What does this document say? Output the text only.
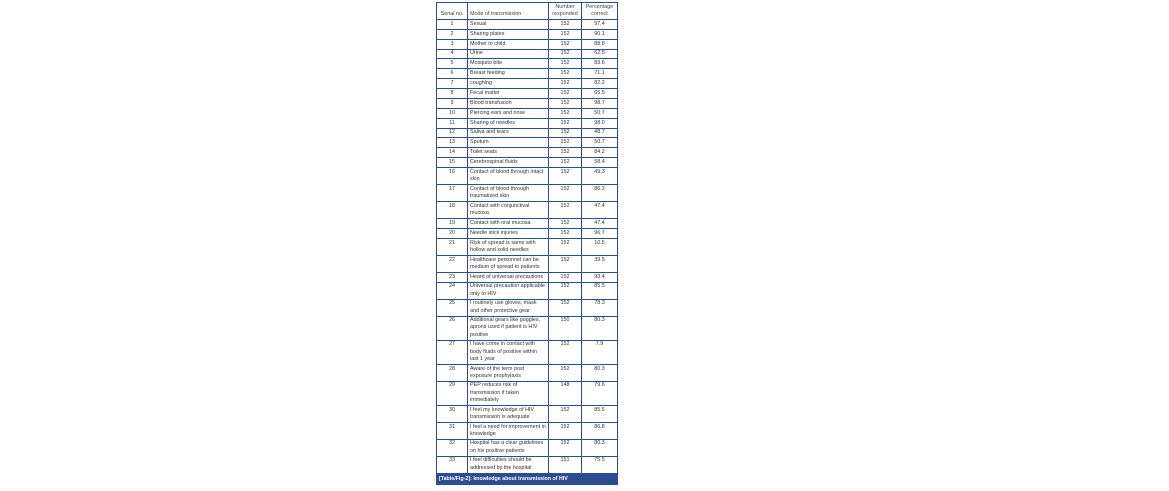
Serial no.	Mode of transmission	Number responded	Percentage correct
1	Sexual	152	97.4
2	Sharing plates	152	90.1
3	Mother to child	152	88.8
4	Urine	152	62.5
5	Mosquito bite	152	83.6
6	Breast feeding	152	71.1
7	coughing	152	82.2
8	Fecal matter	152	65.5
9	Blood transfusion	152	98.7
10	Piercing ears and nose	152	50.7
11	Sharing of needles	152	98.0
12	Saliva and tears	152	48.7
13	Sputum	152	50.7
14	Toilet seats	152	84.2
15	Cerebrospinal fluids	152	58.4
16	Contact of blood through intact skin	152	49.3
17	Contact of blood through traumatized skin	152	86.2
18	Contact with conjunctival mucosa	152	47.4
19	Contact with oral mucosa	152	47.4
20	Needle stick injuries	152	96.7
21	Risk of spread is same with hollow and solid needles	152	10.5
22	Healthcare personnel can be medium of spread to patients	152	39.5
23	Heard of universal precautions	152	93.4
24	Universal precaution applicable only to HIV	152	85.5
25	I routinely use gloves, mask and other protective gear	152	78.3
26	Additional gears like goggles, aprons used if patient is HIV positive	150	80.3
27	I have come in contact with body fluids of positive within last 1 year	152	7.9
28	Aware of the term post exposure prophylaxis	152	80.3
29	PEP reduces risk of transmission if taken immediately	148	79.6
30	I feel my knowledge of HIV transmission is adequate	152	85.5
31	I feel a need for improvement in knowledge	152	86.8
32	Hospital has a clear guidelines on hiv positive patients	152	80.3
33	I feel difficulties should be addressed by the hospital	151	75.5
[Table/Fig-2]: knowledge about transmission of HIV
